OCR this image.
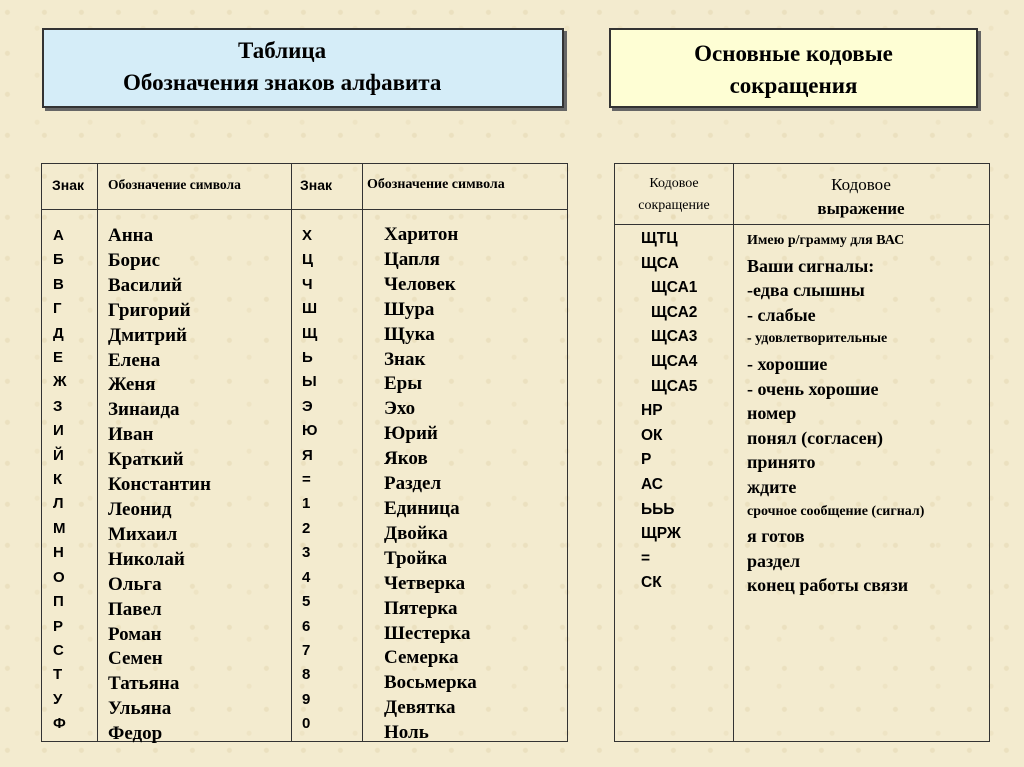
Таблица
Обозначения знаков алфавита
Основные кодовые
сокращения
Знак Обозначение символа	Знак Обозначение символа
А
Б
В
Г
Д
Е
Ж
З
И
Й
К
Л
М
Н
О
П
Р
С
Т
У
Ф
Анна
Борис
Василий
Григорий
Дмитрий
Елена
Женя
Зинаида
Иван
Краткий
Константин
Леонид
Михаил
Николай
Ольга
Павел
Роман
Семен
Татьяна
Ульяна
Федор
Х
Ц
Ч
Ш
Щ
Ь
Ы
Э
Ю
Я
=
1
2
3
4
5
6
7
8
9
0
Харитон
Цапля
Человек
Шура
Щука
Знак
Еры
Эхо
Юрий
Яков
Раздел
Единица
Двойка
Тройка
Четверка
Пятерка
Шестерка
Семерка
Восьмерка
Девятка
Ноль
Кодовое
сокращение
Кодовое
выражение
ЩТЦ
ЩСА
ЩСА1
ЩСА2
ЩСА3
ЩСА4
ЩСА5
НР
ОК
Р
АС
ЬЬЬ
ЩРЖ
=
СК
Имею р/грамму для ВАС
Ваши сигналы:
-едва слышны
- слабые
- удовлетворительные
- хорошие
- очень хорошие
номер
понял (согласен)
принято
ждите
срочное сообщение (сигнал)
я готов
раздел
конец работы связи
